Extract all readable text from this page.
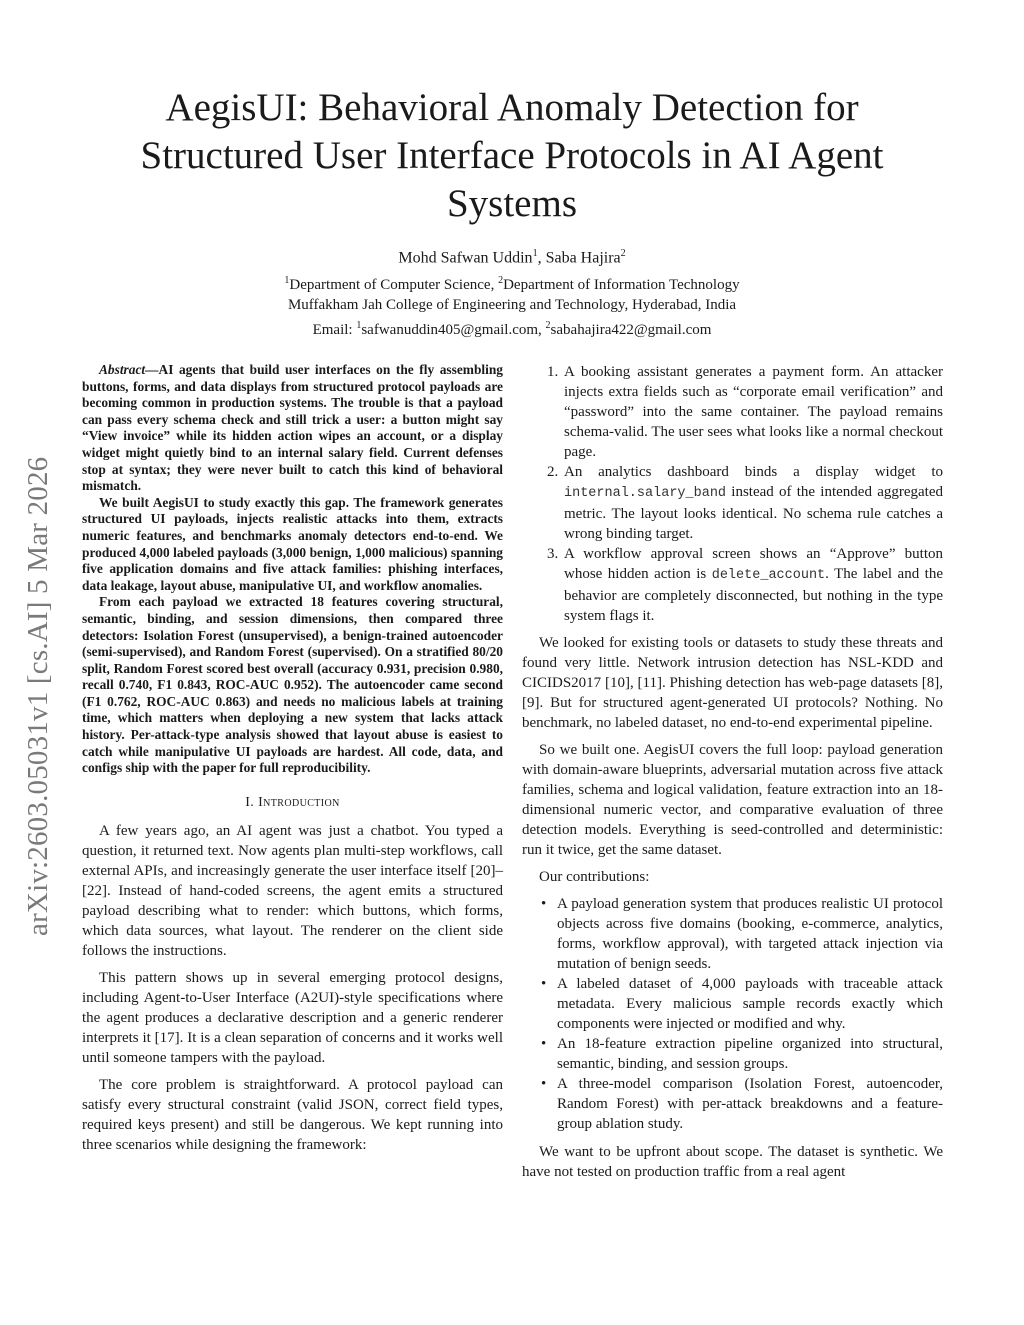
arXiv:2603.05031v1 [cs.AI] 5 Mar 2026
AegisUI: Behavioral Anomaly Detection for
Structured User Interface Protocols in AI Agent
Systems
Mohd Safwan Uddin$^1$, Saba Hajira$^2$
$^1$Department of Computer Science, $^2$Department of Information Technology
Muffakham Jah College of Engineering and Technology, Hyderabad, India
Email: $^1$safwanuddin405@gmail.com, $^2$sabahajira422@gmail.com

Abstract—AI agents that build user interfaces on the fly assembling buttons, forms, and data displays from structured protocol payloads are becoming common in production systems. The trouble is that a payload can pass every schema check and still trick a user: a button might say “View invoice” while its hidden action wipes an account, or a display widget might quietly bind to an internal salary field. Current defenses stop at syntax; they were never built to catch this kind of behavioral mismatch.

We built AegisUI to study exactly this gap. The framework generates structured UI payloads, injects realistic attacks into them, extracts numeric features, and benchmarks anomaly detectors end-to-end. We produced 4,000 labeled payloads (3,000 benign, 1,000 malicious) spanning five application domains and five attack families: phishing interfaces, data leakage, layout abuse, manipulative UI, and workflow anomalies.

From each payload we extracted 18 features covering structural, semantic, binding, and session dimensions, then compared three detectors: Isolation Forest (unsupervised), a benign-trained autoencoder (semi-supervised), and Random Forest (supervised). On a stratified 80/20 split, Random Forest scored best overall (accuracy 0.931, precision 0.980, recall 0.740, F1 0.843, ROC-AUC 0.952). The autoencoder came second (F1 0.762, ROC-AUC 0.863) and needs no malicious labels at training time, which matters when deploying a new system that lacks attack history. Per-attack-type analysis showed that layout abuse is easiest to catch while manipulative UI payloads are hardest. All code, data, and configs ship with the paper for full reproducibility.

I. Introduction

A few years ago, an AI agent was just a chatbot. You typed a question, it returned text. Now agents plan multi-step workflows, call external APIs, and increasingly generate the user interface itself [20]–[22]. Instead of hand-coded screens, the agent emits a structured payload describing what to render: which buttons, which forms, which data sources, what layout. The renderer on the client side follows the instructions.

This pattern shows up in several emerging protocol designs, including Agent-to-User Interface (A2UI)-style specifications where the agent produces a declarative description and a generic renderer interprets it [17]. It is a clean separation of concerns and it works well until someone tampers with the payload.

The core problem is straightforward. A protocol payload can satisfy every structural constraint (valid JSON, correct field types, required keys present) and still be dangerous. We kept running into three scenarios while designing the framework:

1. A booking assistant generates a payment form. An attacker injects extra fields such as “corporate email verification” and “password” into the same container. The payload remains schema-valid. The user sees what looks like a normal checkout page.
2. An analytics dashboard binds a display widget to internal.salary_band instead of the intended aggregated metric. The layout looks identical. No schema rule catches a wrong binding target.
3. A workflow approval screen shows an “Approve” button whose hidden action is delete_account. The label and the behavior are completely disconnected, but nothing in the type system flags it.

We looked for existing tools or datasets to study these threats and found very little. Network intrusion detection has NSL-KDD and CICIDS2017 [10], [11]. Phishing detection has web-page datasets [8], [9]. But for structured agent-generated UI protocols? Nothing. No benchmark, no labeled dataset, no end-to-end experimental pipeline.

So we built one. AegisUI covers the full loop: payload generation with domain-aware blueprints, adversarial mutation across five attack families, schema and logical validation, feature extraction into an 18-dimensional numeric vector, and comparative evaluation of three detection models. Everything is seed-controlled and deterministic: run it twice, get the same dataset.

Our contributions:

• A payload generation system that produces realistic UI protocol objects across five domains (booking, e-commerce, analytics, forms, workflow approval), with targeted attack injection via mutation of benign seeds.
• A labeled dataset of 4,000 payloads with traceable attack metadata. Every malicious sample records exactly which components were injected or modified and why.
• An 18-feature extraction pipeline organized into structural, semantic, binding, and session groups.
• A three-model comparison (Isolation Forest, autoencoder, Random Forest) with per-attack breakdowns and a feature-group ablation study.

We want to be upfront about scope. The dataset is synthetic. We have not tested on production traffic from a real agent
